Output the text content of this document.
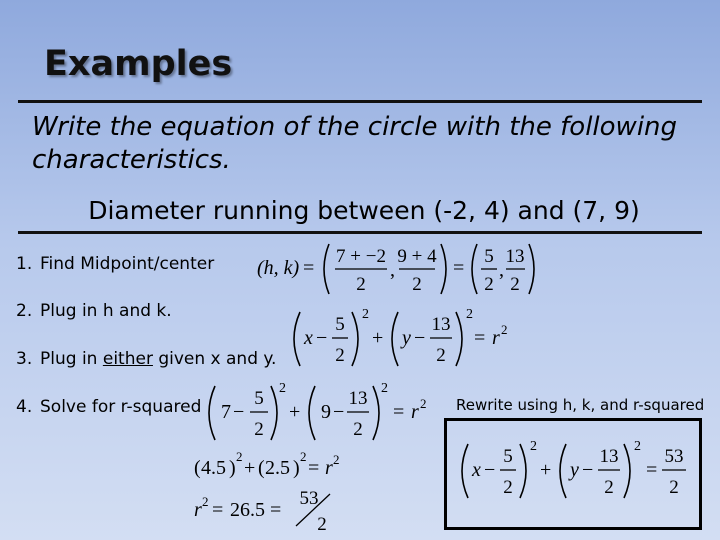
Examples
Write the equation of the circle with the following characteristics.
Diameter running between (-2, 4) and (7, 9)
1. Find Midpoint/center
2. Plug in h and k.
3. Plug in either given x and y.
4. Solve for r-squared	Rewrite using h, k, and r-squared
(h, k) =
7 + −2
2
,
9 + 4
2
=
5
2
,
13
2
x −
5
2
2
+ y −
13
2
2
= r 2
7 −
5
2
2
+ 9 −
13
2
2
= r 2
( 4.5 )
2
+ ( 2.5 )
2
= r 2
r 2 = 26.5 =
53
2
x −
5
2
2
+ y −
13
2
2
=
53
2
